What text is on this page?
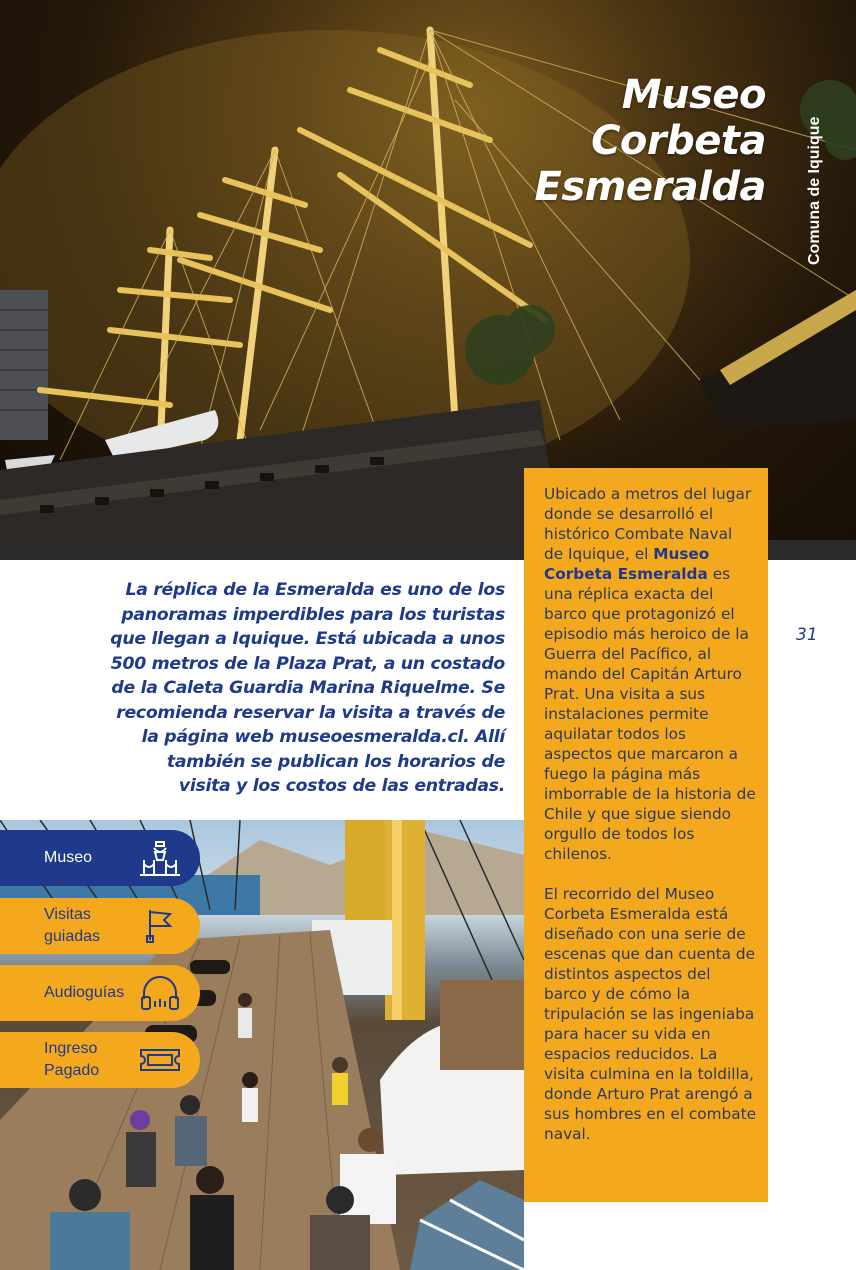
Museo
Corbeta
Esmeralda	Comuna de Iquique
La réplica de la Esmeralda es uno de los panoramas imperdibles para los turistas que llegan a Iquique. Está ubicada a unos 500 metros de la Plaza Prat, a un costado de la Caleta Guardia Marina Riquelme. Se recomienda reservar la visita a través de la página web museoesmeralda.cl. Allí también se publican los horarios de visita y los costos de las entradas.
31
Museo
Visitas guiadas
Audioguías
Ingreso Pagado

Ubicado a metros del lugar donde se desarrolló el histórico Combate Naval de Iquique, el Museo Corbeta Esmeralda es una réplica exacta del barco que protagonizó el episodio más heroico de la Guerra del Pacífico, al mando del Capitán Arturo Prat. Una visita a sus instalaciones permite aquilatar todos los aspectos que marcaron a fuego la página más imborrable de la historia de Chile y que sigue siendo orgullo de todos los chilenos.

El recorrido del Museo Corbeta Esmeralda está diseñado con una serie de escenas que dan cuenta de distintos aspectos del barco y de cómo la tripulación se las ingeniaba para hacer su vida en espacios reducidos. La visita culmina en la toldilla, donde Arturo Prat arengó a sus hombres en el combate naval.
